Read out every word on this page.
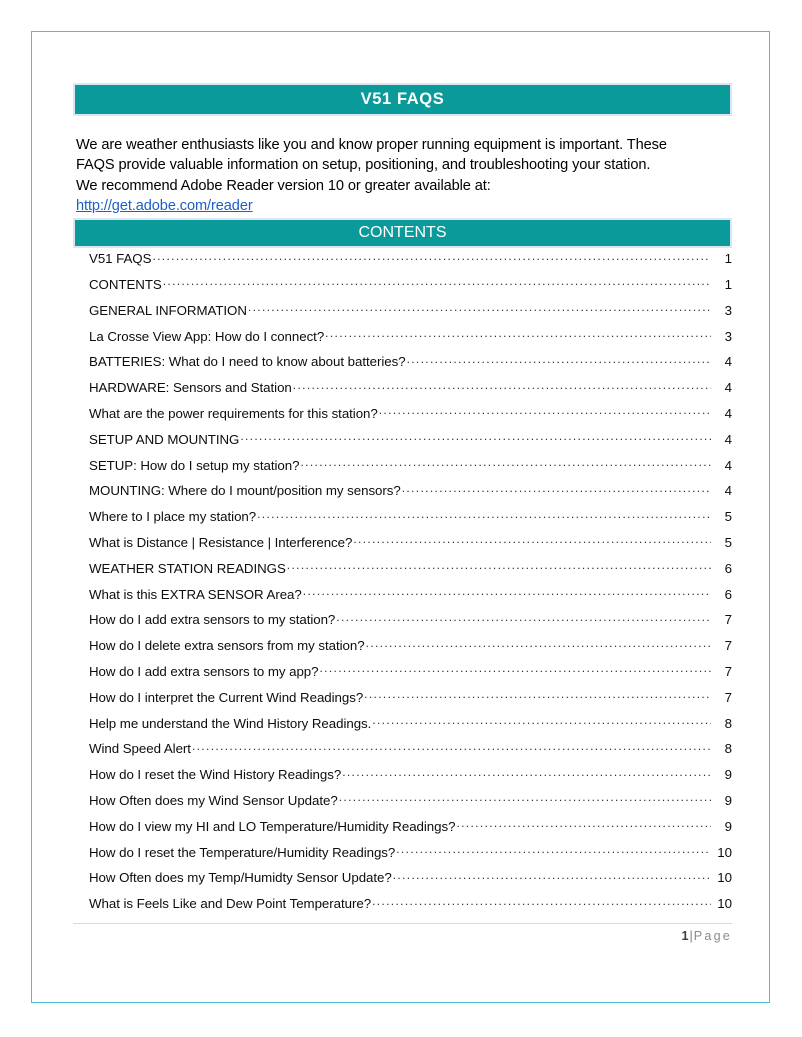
V51 FAQS
We are weather enthusiasts like you and know proper running equipment is important. These
FAQS provide valuable information on setup, positioning, and troubleshooting your station.
We recommend Adobe Reader version 10 or greater available at:
http://get.adobe.com/reader
CONTENTS
V51 FAQS .....	1
CONTENTS .....	1
GENERAL INFORMATION .....	3
La Crosse View App: How do I connect? .....	3
BATTERIES: What do I need to know about batteries? .....	4
HARDWARE: Sensors and Station .....	4
What are the power requirements for this station? .....	4
SETUP AND MOUNTING .....	4
SETUP: How do I setup my station? .....	4
MOUNTING: Where do I mount/position my sensors? .....	4
Where to I place my station? .....	5
What is Distance | Resistance | Interference? .....	5
WEATHER STATION READINGS .....	6
What is this EXTRA SENSOR Area? .....	6
How do I add extra sensors to my station? .....	7
How do I delete extra sensors from my station? .....	7
How do I add extra sensors to my app? .....	7
How do I interpret the Current Wind Readings? .....	7
Help me understand the Wind History Readings. .....	8
Wind Speed Alert .....	8
How do I reset the Wind History Readings? .....	9
How Often does my Wind Sensor Update? .....	9
How do I view my HI and LO Temperature/Humidity Readings? .....	9
How do I reset the Temperature/Humidity Readings? .....	10
How Often does my Temp/Humidty Sensor Update? .....	10
What is Feels Like and Dew Point Temperature? .....	10
1|Page
